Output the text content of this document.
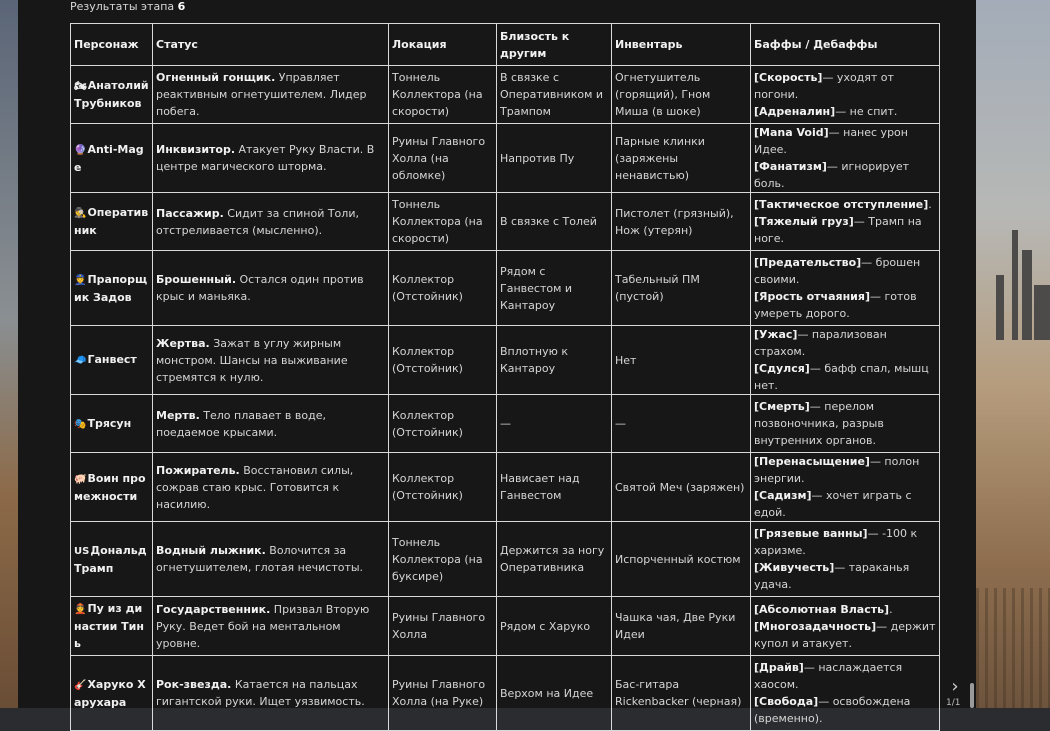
Результаты этапа 6
Персонаж	Статус	Локация	Близость к другим	Инвентарь	Баффы / Дебаффы
🏍Анатолий Трубников	Огненный гонщик. Управляет реактивным огнетушителем. Лидер побега.	Тоннель Коллектора (на скорости)	В связке с Оперативником и Трампом	Огнетушитель (горящий), Гном Миша (в шоке)	[Скорость]— уходят от погони.
[Адреналин]— не спит.
🔮Anti-Mage	Инквизитор. Атакует Руку Власти. В центре магического шторма.	Руины Главного Холла (на обломке)	Напротив Пу	Парные клинки (заряжены ненавистью)	[Mana Void]— нанес урон Идее.
[Фанатизм]— игнорирует боль.
🕵Оперативник	Пассажир. Сидит за спиной Толи, отстреливается (мысленно).	Тоннель Коллектора (на скорости)	В связке с Толей	Пистолет (грязный), Нож (утерян)	[Тактическое отступление].
[Тяжелый груз]— Трамп на ноге.
👮Прапорщик Задов	Брошенный. Остался один против крыс и маньяка.	Коллектор (Отстойник)	Рядом с Ганвестом и Кантароу	Табельный ПМ (пустой)	[Предательство]— брошен своими.
[Ярость отчаяния]— готов умереть дорого.
🧢Ганвест	Жертва. Зажат в углу жирным монстром. Шансы на выживание стремятся к нулю.	Коллектор (Отстойник)	Вплотную к Кантароу	Нет	[Ужас]— парализован страхом.
[Сдулся]— бафф спал, мышц нет.
🎭Трясун	Мертв. Тело плавает в воде, поедаемое крысами.	Коллектор (Отстойник)	—	—	[Смерть]— перелом позвоночника, разрыв внутренних органов.
🐖Воин промежности	Пожиратель. Восстановил силы, сожрав стаю крыс. Готовится к насилию.	Коллектор (Отстойник)	Нависает над Ганвестом	Святой Меч (заряжен)	[Перенасыщение]— полон энергии.
[Садизм]— хочет играть с едой.
USДональд Трамп	Водный лыжник. Волочится за огнетушителем, глотая нечистоты.	Тоннель Коллектора (на буксире)	Держится за ногу Оперативника	Испорченный костюм	[Грязевые ванны]— -100 к харизме.
[Живучесть]— тараканья удача.
👲Пу из династии Тинь	Государственник. Призвал Вторую Руку. Ведет бой на ментальном уровне.	Руины Главного Холла	Рядом с Харуко	Чашка чая, Две Руки Идеи	[Абсолютная Власть].
[Многозадачность]— держит купол и атакует.
🎸Харуко Харухара	Рок-звезда. Катается на пальцах гигантской руки. Ищет уязвимость.	Руины Главного Холла (на Руке)	Верхом на Идее	Бас-гитара Rickenbacker (черная)	[Драйв]— наслаждается хаосом.
[Свобода]— освобождена (временно).
›
1/1
